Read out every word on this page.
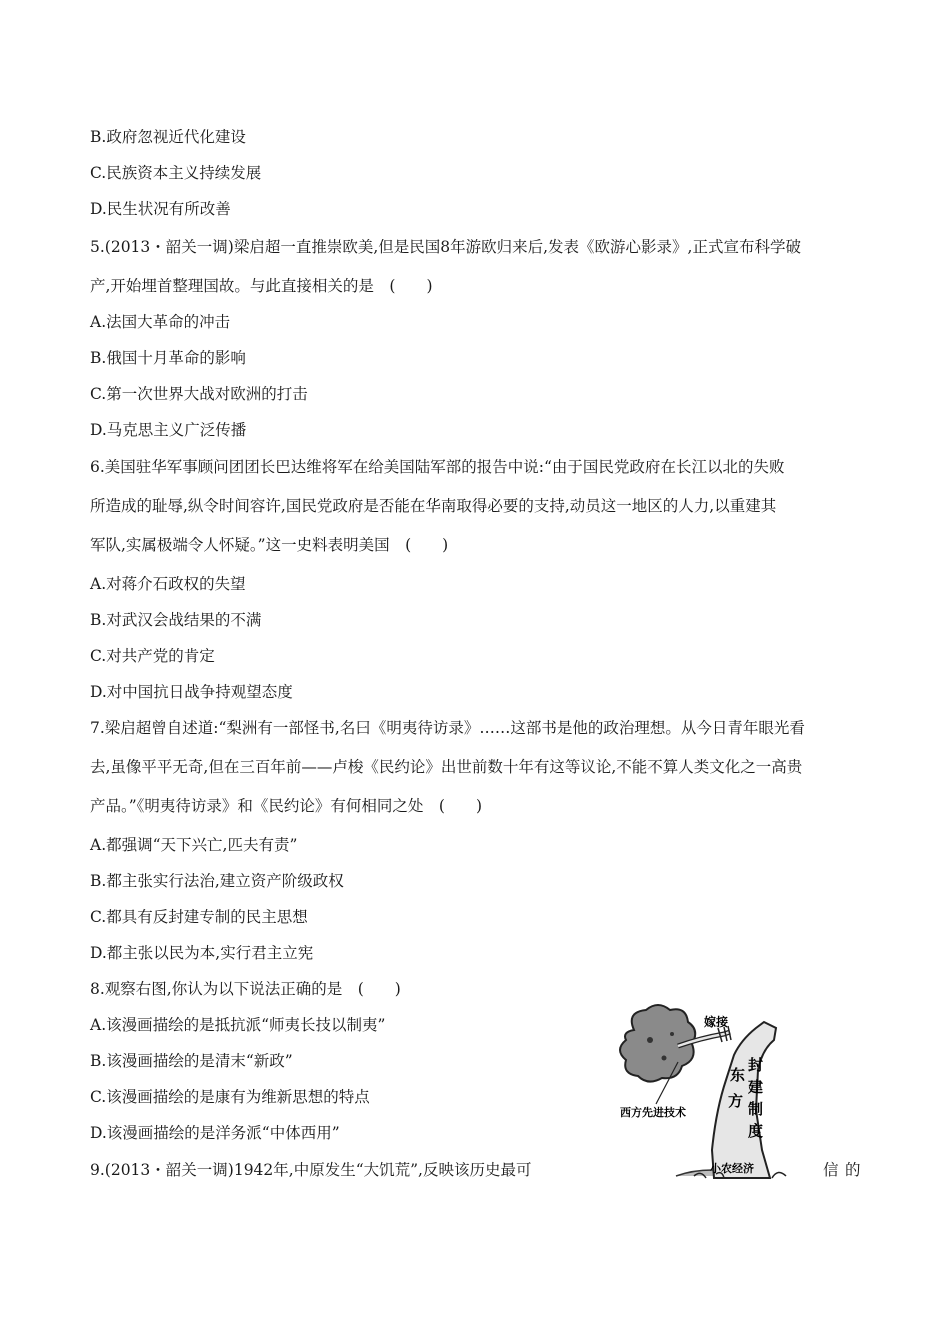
B.政府忽视近代化建设
C.民族资本主义持续发展
D.民生状况有所改善
5.(2013・韶关一调)梁启超一直推崇欧美,但是民国8年游欧归来后,发表《欧游心影录》,正式宣布科学破
产,开始埋首整理国故。与此直接相关的是　(　　)
A.法国大革命的冲击
B.俄国十月革命的影响
C.第一次世界大战对欧洲的打击
D.马克思主义广泛传播
6.美国驻华军事顾问团团长巴达维将军在给美国陆军部的报告中说:“由于国民党政府在长江以北的失败
所造成的耻辱,纵令时间容许,国民党政府是否能在华南取得必要的支持,动员这一地区的人力,以重建其
军队,实属极端令人怀疑。”这一史料表明美国　(　　)
A.对蒋介石政权的失望
B.对武汉会战结果的不满
C.对共产党的肯定
D.对中国抗日战争持观望态度
7.梁启超曾自述道:“梨洲有一部怪书,名曰《明夷待访录》……这部书是他的政治理想。从今日青年眼光看
去,虽像平平无奇,但在三百年前——卢梭《民约论》出世前数十年有这等议论,不能不算人类文化之一高贵
产品。”《明夷待访录》和《民约论》有何相同之处　(　　)
A.都强调“天下兴亡,匹夫有责”
B.都主张实行法治,建立资产阶级政权
C.都具有反封建专制的民主思想
D.都主张以民为本,实行君主立宪
8.观察右图,你认为以下说法正确的是　(　　)
A.该漫画描绘的是抵抗派“师夷长技以制夷”
B.该漫画描绘的是清末“新政”
C.该漫画描绘的是康有为维新思想的特点
D.该漫画描绘的是洋务派“中体西用”
9.(2013・韶关一调)1942年,中原发生“大饥荒”,反映该历史最可	信 的
嫁接
西方先进技术
东
方
封
建
制
度
小农经济
